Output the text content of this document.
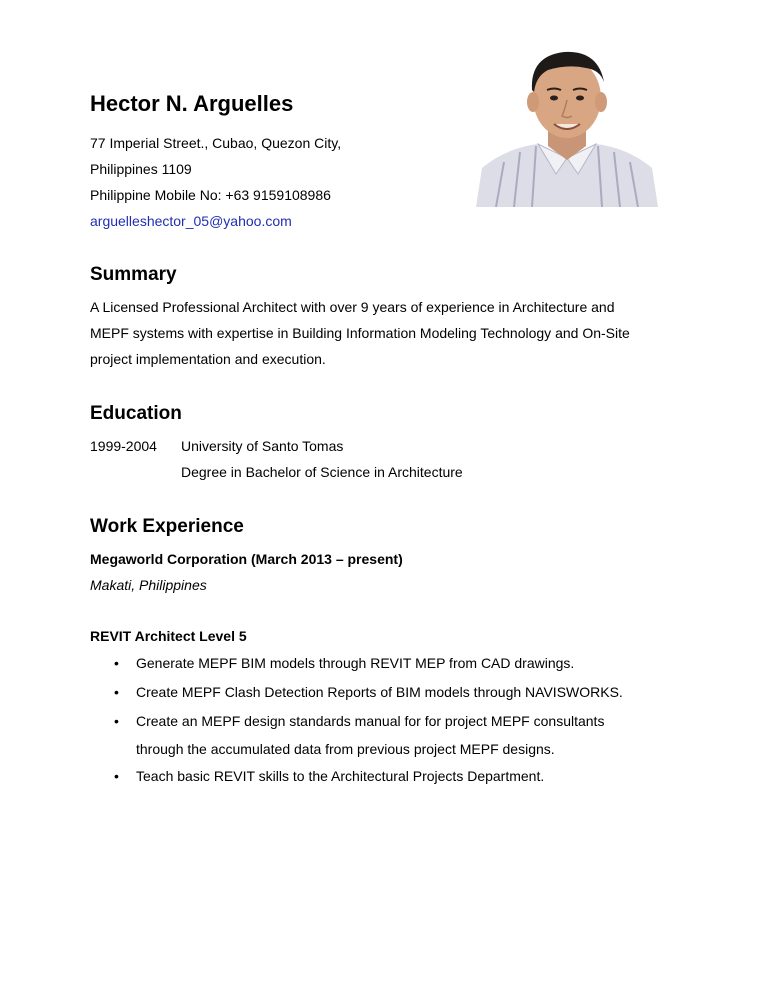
Hector N. Arguelles
77 Imperial Street., Cubao, Quezon City,
Philippines 1109
Philippine Mobile No: +63 9159108986
arguelleshector_05@yahoo.com
Summary
A Licensed Professional Architect with over 9 years of experience in Architecture and
MEPF systems with expertise in Building Information Modeling Technology and On-Site
project implementation and execution.
Education
1999-2004 University of Santo Tomas
Degree in Bachelor of Science in Architecture
Work Experience
Megaworld Corporation (March 2013 – present)
Makati, Philippines
REVIT Architect Level 5
• Generate MEPF BIM models through REVIT MEP from CAD drawings.
• Create MEPF Clash Detection Reports of BIM models through NAVISWORKS.
• Create an MEPF design standards manual for for project MEPF consultants
through the accumulated data from previous project MEPF designs.
• Teach basic REVIT skills to the Architectural Projects Department.
